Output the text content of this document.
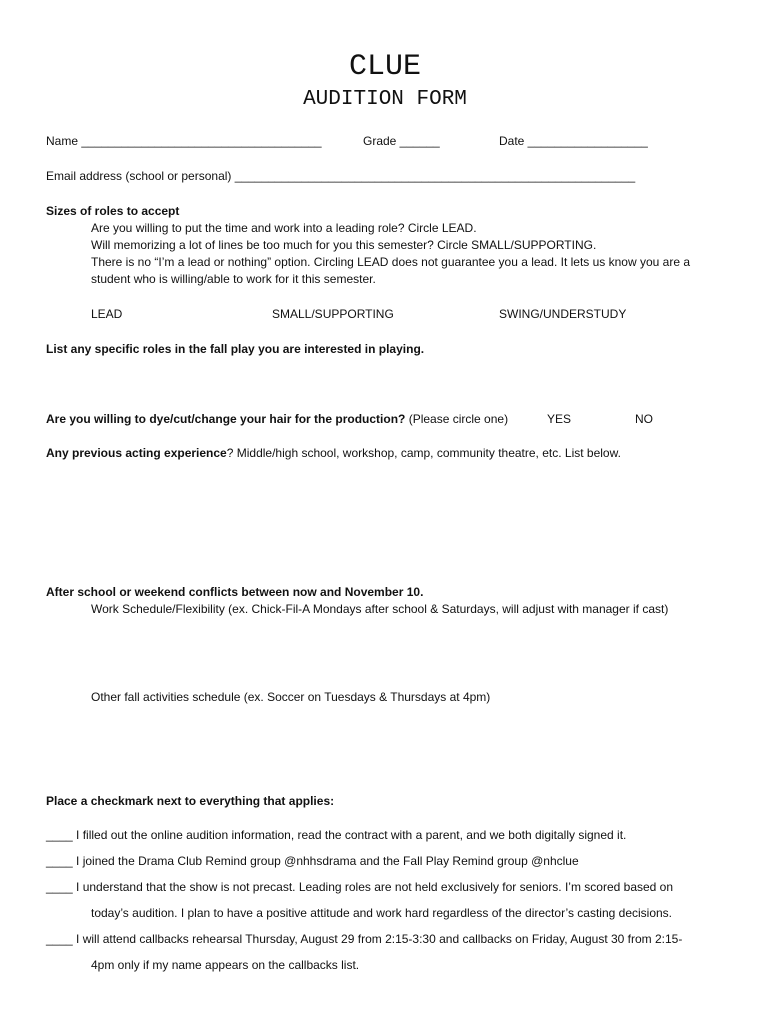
CLUE
AUDITION FORM
Name ____________________________________	Grade ______	Date __________________
Email address (school or personal) ____________________________________________________________
Sizes of roles to accept
Are you willing to put the time and work into a leading role? Circle LEAD.
Will memorizing a lot of lines be too much for you this semester? Circle SMALL/SUPPORTING.
There is no “I’m a lead or nothing” option. Circling LEAD does not guarantee you a lead. It lets us know you are a
student who is willing/able to work for it this semester.
LEAD	SMALL/SUPPORTING	SWING/UNDERSTUDY
List any specific roles in the fall play you are interested in playing.
Are you willing to dye/cut/change your hair for the production? (Please circle one)	YES	NO
Any previous acting experience? Middle/high school, workshop, camp, community theatre, etc. List below.
After school or weekend conflicts between now and November 10.
Work Schedule/Flexibility (ex. Chick-Fil-A Mondays after school & Saturdays, will adjust with manager if cast)
Other fall activities schedule (ex. Soccer on Tuesdays & Thursdays at 4pm)
Place a checkmark next to everything that applies:
____ I filled out the online audition information, read the contract with a parent, and we both digitally signed it.
____ I joined the Drama Club Remind group @nhhsdrama and the Fall Play Remind group @nhclue
____ I understand that the show is not precast. Leading roles are not held exclusively for seniors. I’m scored based on
today’s audition. I plan to have a positive attitude and work hard regardless of the director’s casting decisions.
____ I will attend callbacks rehearsal Thursday, August 29 from 2:15-3:30 and callbacks on Friday, August 30 from 2:15-
4pm only if my name appears on the callbacks list.
